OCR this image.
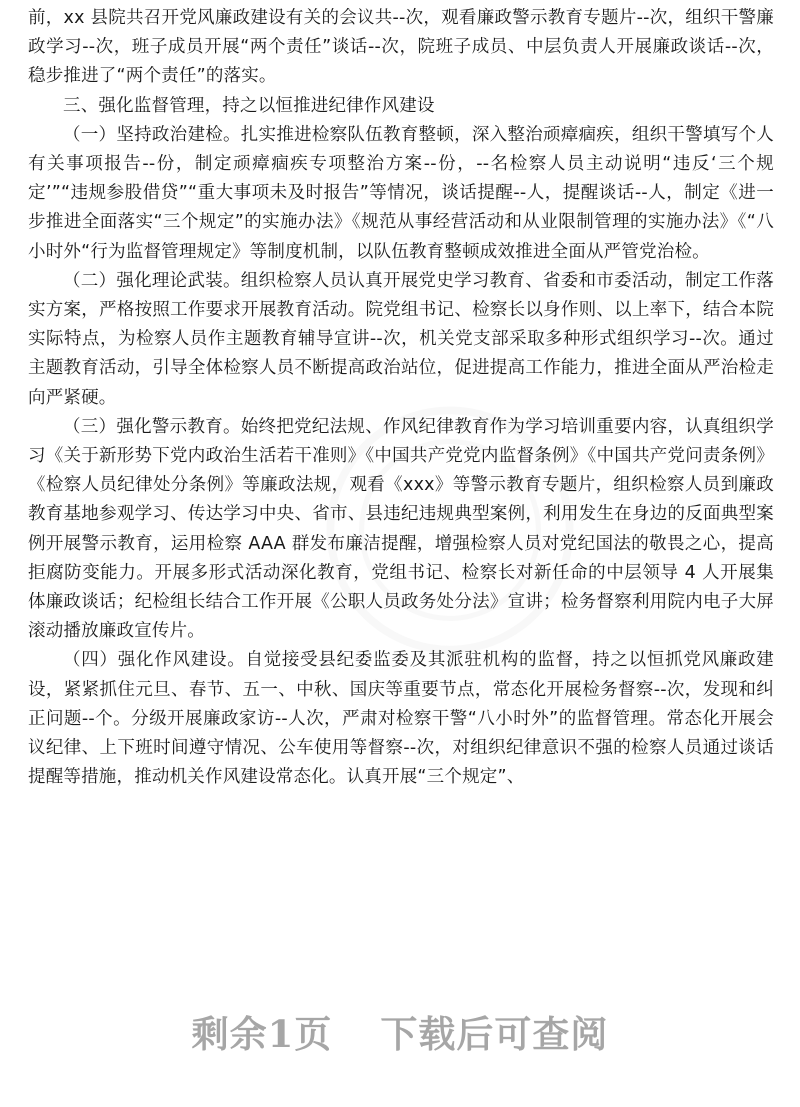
前，xx 县院共召开党风廉政建设有关的会议共--次，观看廉政警示教育专题片--次，组织干警廉政学习--次，班子成员开展“两个责任”谈话--次，院班子成员、中层负责人开展廉政谈话--次，稳步推进了“两个责任”的落实。

三、强化监督管理，持之以恒推进纪律作风建设

（一）坚持政治建检。扎实推进检察队伍教育整顿，深入整治顽瘴痼疾，组织干警填写个人有关事项报告--份，制定顽瘴痼疾专项整治方案--份，--名检察人员主动说明“违反‘三个规定’”“违规参股借贷”“重大事项未及时报告”等情况，谈话提醒--人，提醒谈话--人，制定《进一步推进全面落实“三个规定”的实施办法》《规范从事经营活动和从业限制管理的实施办法》《“八小时外“行为监督管理规定》等制度机制，以队伍教育整顿成效推进全面从严管党治检。

（二）强化理论武装。组织检察人员认真开展党史学习教育、省委和市委活动，制定工作落实方案，严格按照工作要求开展教育活动。院党组书记、检察长以身作则、以上率下，结合本院实际特点，为检察人员作主题教育辅导宣讲--次，机关党支部采取多种形式组织学习--次。通过主题教育活动，引导全体检察人员不断提高政治站位，促进提高工作能力，推进全面从严治检走向严紧硬。

（三）强化警示教育。始终把党纪法规、作风纪律教育作为学习培训重要内容，认真组织学习《关于新形势下党内政治生活若干准则》《中国共产党党内监督条例》《中国共产党问责条例》《检察人员纪律处分条例》等廉政法规，观看《xxx》等警示教育专题片，组织检察人员到廉政教育基地参观学习、传达学习中央、省市、县违纪违规典型案例，利用发生在身边的反面典型案例开展警示教育，运用检察 AAA 群发布廉洁提醒，增强检察人员对党纪国法的敬畏之心，提高拒腐防变能力。开展多形式活动深化教育，党组书记、检察长对新任命的中层领导 4 人开展集体廉政谈话；纪检组长结合工作开展《公职人员政务处分法》宣讲；检务督察利用院内电子大屏滚动播放廉政宣传片。

（四）强化作风建设。自觉接受县纪委监委及其派驻机构的监督，持之以恒抓党风廉政建设，紧紧抓住元旦、春节、五一、中秋、国庆等重要节点，常态化开展检务督察--次，发现和纠正问题--个。分级开展廉政家访--人次，严肃对检察干警“八小时外”的监督管理。常态化开展会议纪律、上下班时间遵守情况、公车使用等督察--次，对组织纪律意识不强的检察人员通过谈话提醒等措施，推动机关作风建设常态化。认真开展“三个规定”、

剩余1页 下载后可查阅
